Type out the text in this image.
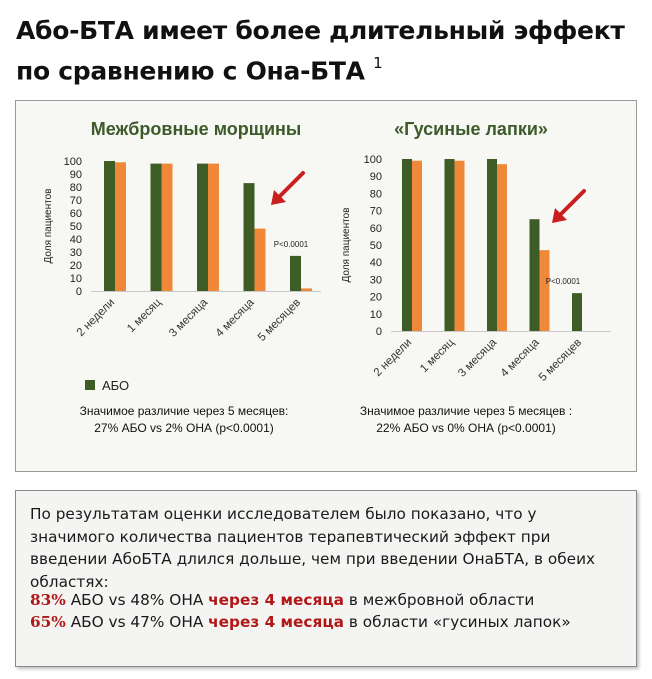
Або-БТА имеет более длительный эффект по сравнению с Она-БТА $^1$
Межбровные морщины
0
10
20
30
40
50
60
70
80
90
100
Доля пациентов
2 недели 1 месяц 3 месяца 4 месяца 5 месяцев
P<0.0001
Значимое различие через 5 месяцев:
27% АБО vs 2% ОНА (p<0.0001)
«Гусиные лапки»
0
10
20
30
40
50
60
70
80
90
100
Доля пациентов
2 недели 1 месяц 3 месяца 4 месяца
5 месяцев
P<0.0001
Значимое различие через 5 месяцев :
22% АБО vs 0% ОНА (p<0.0001)
АБО
По результатам оценки исследователем было показано, что у значимого количества пациентов терапевтический эффект при введении АбоБТА длился дольше, чем при введении ОнаБТА, в обеих областях:
83% АБО vs 48% ОНА через 4 месяца в межбровной области
65% АБО vs 47% ОНА через 4 месяца в области «гусиных лапок»
